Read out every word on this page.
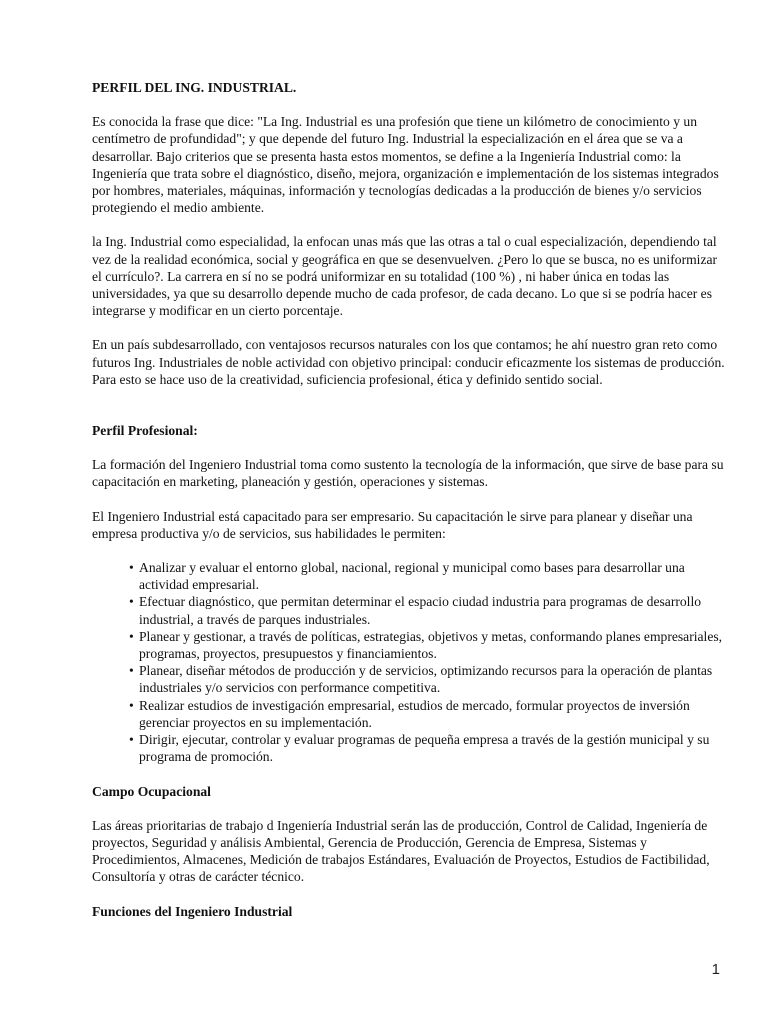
PERFIL DEL ING. INDUSTRIAL.

Es conocida la frase que dice: "La Ing. Industrial es una profesión que tiene un kilómetro de conocimiento y un centímetro de profundidad"; y que depende del futuro Ing. Industrial la especialización en el área que se va a desarrollar. Bajo criterios que se presenta hasta estos momentos, se define a la Ingeniería Industrial como: la Ingeniería que trata sobre el diagnóstico, diseño, mejora, organización e implementación de los sistemas integrados por hombres, materiales, máquinas, información y tecnologías dedicadas a la producción de bienes y/o servicios protegiendo el medio ambiente.

la Ing. Industrial como especialidad, la enfocan unas más que las otras a tal o cual especialización, dependiendo tal vez de la realidad económica, social y geográfica en que se desenvuelven. ¿Pero lo que se busca, no es uniformizar el currículo?. La carrera en sí no se podrá uniformizar en su totalidad (100 %) , ni haber única en todas las universidades, ya que su desarrollo depende mucho de cada profesor, de cada decano. Lo que si se podría hacer es integrarse y modificar en un cierto porcentaje.

En un país subdesarrollado, con ventajosos recursos naturales con los que contamos; he ahí nuestro gran reto como futuros Ing. Industriales de noble actividad con objetivo principal: conducir eficazmente los sistemas de producción. Para esto se hace uso de la creatividad, suficiencia profesional, ética y definido sentido social.

Perfil Profesional:

La formación del Ingeniero Industrial toma como sustento la tecnología de la información, que sirve de base para su capacitación en marketing, planeación y gestión, operaciones y sistemas.

El Ingeniero Industrial está capacitado para ser empresario. Su capacitación le sirve para planear y diseñar una empresa productiva y/o de servicios, sus habilidades le permiten:

• Analizar y evaluar el entorno global, nacional, regional y municipal como bases para desarrollar una actividad empresarial.
• Efectuar diagnóstico, que permitan determinar el espacio ciudad industria para programas de desarrollo industrial, a través de parques industriales.
• Planear y gestionar, a través de políticas, estrategias, objetivos y metas, conformando planes empresariales, programas, proyectos, presupuestos y financiamientos.
• Planear, diseñar métodos de producción y de servicios, optimizando recursos para la operación de plantas industriales y/o servicios con performance competitiva.
• Realizar estudios de investigación empresarial, estudios de mercado, formular proyectos de inversión gerenciar proyectos en su implementación.
• Dirigir, ejecutar, controlar y evaluar programas de pequeña empresa a través de la gestión municipal y su programa de promoción.

Campo Ocupacional

Las áreas prioritarias de trabajo d Ingeniería Industrial serán las de producción, Control de Calidad, Ingeniería de proyectos, Seguridad y análisis Ambiental, Gerencia de Producción, Gerencia de Empresa, Sistemas y Procedimientos, Almacenes, Medición de trabajos Estándares, Evaluación de Proyectos, Estudios de Factibilidad, Consultoría y otras de carácter técnico.

Funciones del Ingeniero Industrial

1
